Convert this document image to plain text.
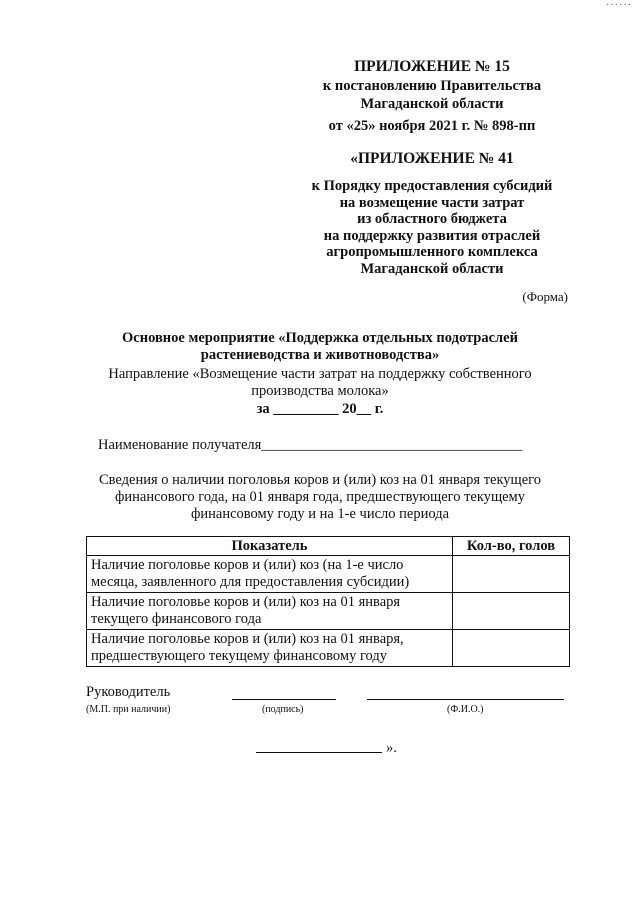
······
ПРИЛОЖЕНИЕ № 15
к постановлению Правительства
Магаданской области
от «25» ноября 2021 г. № 898-пп
«ПРИЛОЖЕНИЕ № 41
к Порядку предоставления субсидий
на возмещение части затрат
из областного бюджета
на поддержку развития отраслей
агропромышленного комплекса
Магаданской области
(Форма)
Основное мероприятие «Поддержка отдельных подотраслей
растениеводства и животноводства»
Направление «Возмещение части затрат на поддержку собственного
производства молока»
за _________ 20__ г.
Наименование получателя____________________________________
Сведения о наличии поголовья коров и (или) коз на 01 января текущего
финансового года, на 01 января года, предшествующего текущему
финансовому году и на 1-е число периода
Показатель	Кол-во, голов

Наличие поголовье коров и (или) коз (на 1-е число
месяца, заявленного для предоставления субсидии)	

Наличие поголовье коров и (или) коз на 01 января
текущего финансового года	

Наличие поголовье коров и (или) коз на 01 января,
предшествующего текущему финансовому году	

Руководитель
(М.П. при наличии)	(подпись)	(Ф.И.О.)
».
